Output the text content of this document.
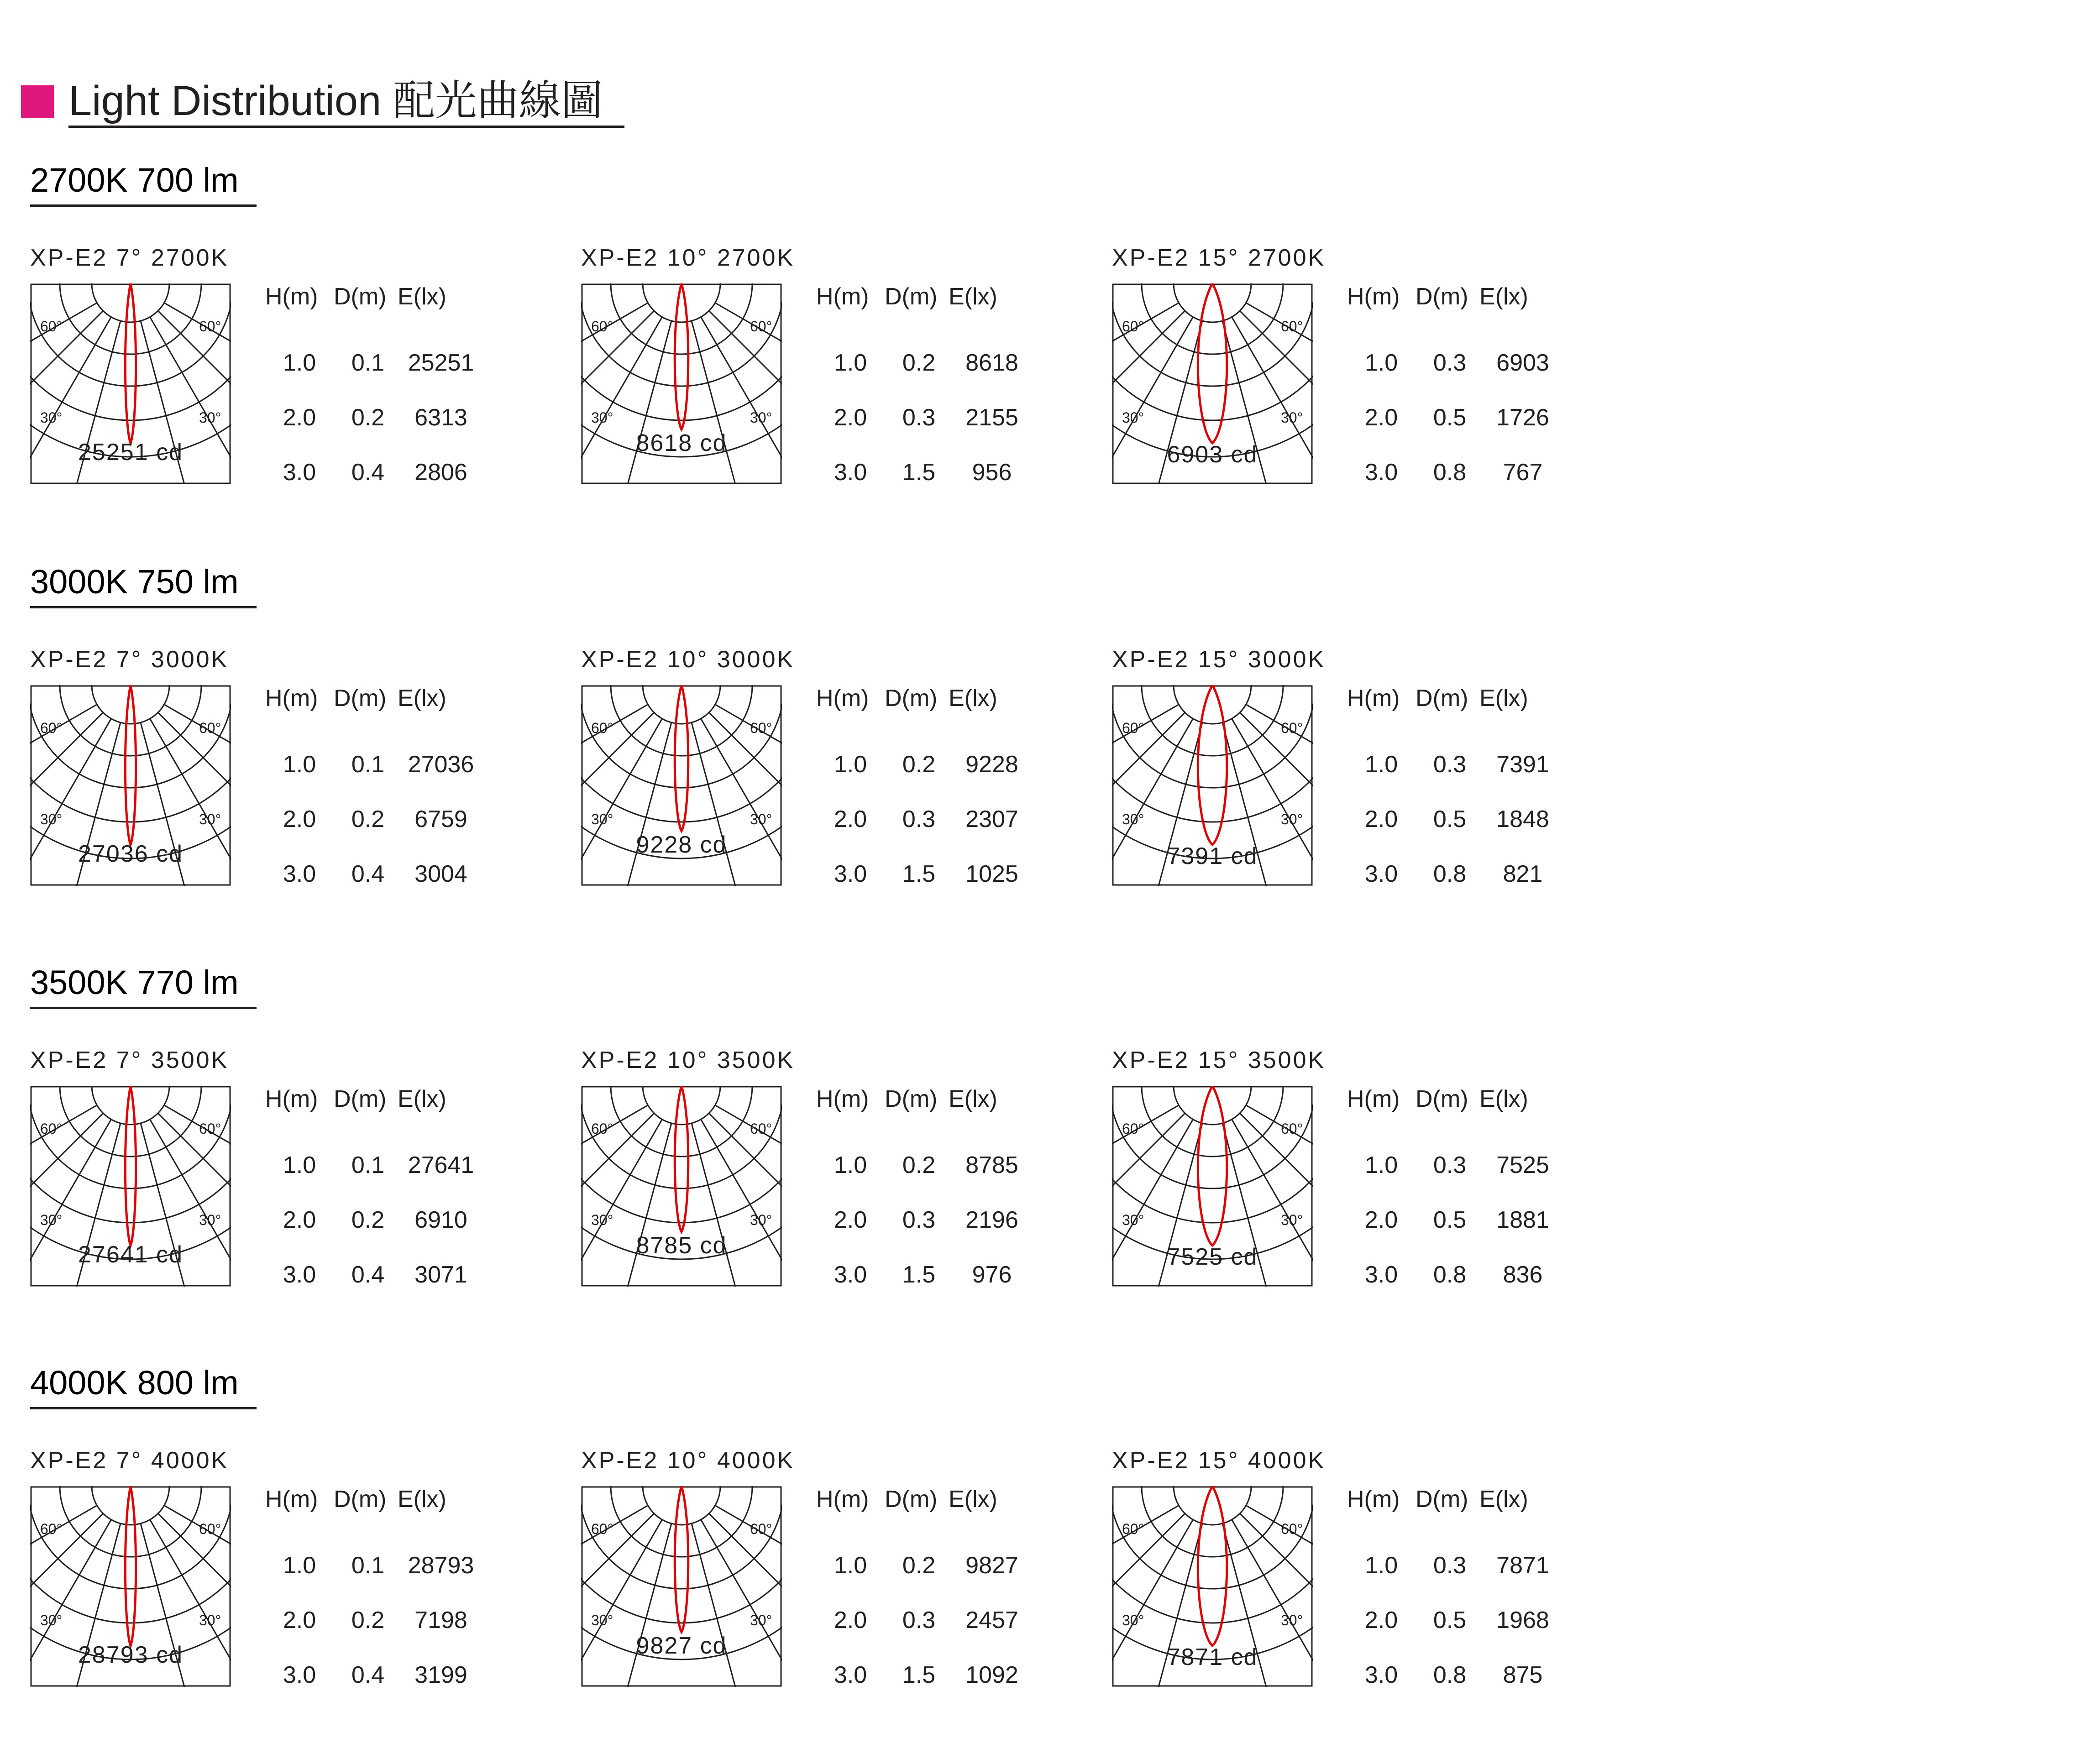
Light Distribution 配光曲線圖
2700K 700 lm
XP-E2 7° 2700K
60°	60°
30°	30°
25251 cd
H(m) D(m) E(lx)
1.0	0.1 25251
2.0	0.2	6313
3.0	0.4	2806
XP-E2 10° 2700K
60°	60°
30°	30°
8618 cd
H(m) D(m) E(lx)
1.0	0.2	8618
2.0	0.3	2155
3.0	1.5	956
XP-E2 15° 2700K
60°	60°
30°	30°
6903 cd
H(m) D(m) E(lx)
1.0	0.3	6903
2.0	0.5	1726
3.0	0.8	767
3000K 750 lm
XP-E2 7° 3000K
60°	60°
30°	30°
27036 cd
H(m) D(m) E(lx)
1.0	0.1 27036
2.0	0.2	6759
3.0	0.4	3004
XP-E2 10° 3000K
60°	60°
30°	30°
9228 cd
H(m) D(m) E(lx)
1.0	0.2	9228
2.0	0.3	2307
3.0	1.5	1025
XP-E2 15° 3000K
60°	60°
30°	30°
7391 cd
H(m) D(m) E(lx)
1.0	0.3	7391
2.0	0.5	1848
3.0	0.8	821
3500K 770 lm
XP-E2 7° 3500K
60°	60°
30°	30°
27641 cd
H(m) D(m) E(lx)
1.0	0.1 27641
2.0	0.2	6910
3.0	0.4	3071
XP-E2 10° 3500K
60°	60°
30°	30°
8785 cd
H(m) D(m) E(lx)
1.0	0.2	8785
2.0	0.3	2196
3.0	1.5	976
XP-E2 15° 3500K
60°	60°
30°	30°
7525 cd
H(m) D(m) E(lx)
1.0	0.3	7525
2.0	0.5	1881
3.0	0.8	836
4000K 800 lm
XP-E2 7° 4000K
60°	60°
30°	30°
28793 cd
H(m) D(m) E(lx)
1.0	0.1 28793
2.0	0.2	7198
3.0	0.4	3199
XP-E2 10° 4000K
60°	60°
30°	30°
9827 cd
H(m) D(m) E(lx)
1.0	0.2	9827
2.0	0.3	2457
3.0	1.5	1092
XP-E2 15° 4000K
60°	60°
30°	30°
7871 cd
H(m) D(m) E(lx)
1.0	0.3	7871
2.0	0.5	1968
3.0	0.8	875
